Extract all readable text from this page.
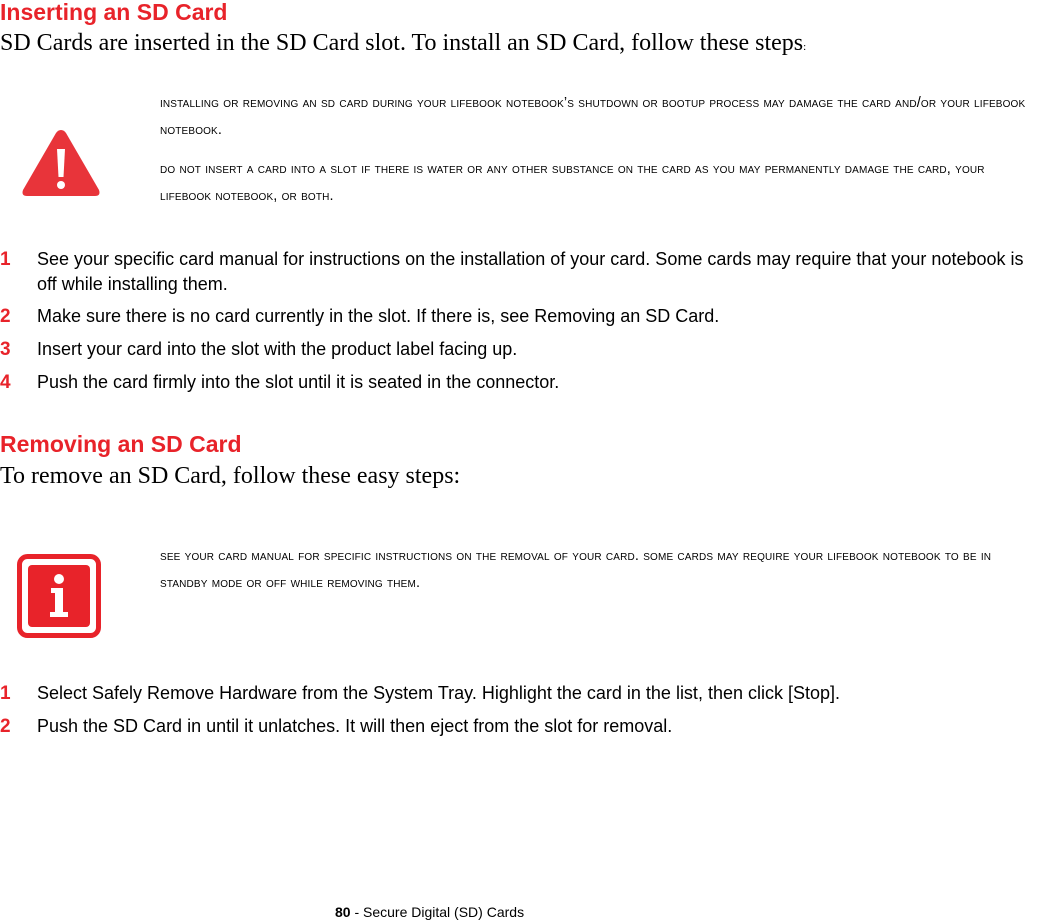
Inserting an SD Card

SD Cards are inserted in the SD Card slot. To install an SD Card, follow these steps:

installing or removing an sd card during your lifebook notebook’s shutdown or bootup process may damage the card and/or your lifebook notebook.

do not insert a card into a slot if there is water or any other substance on the card as you may permanently damage the card, your lifebook notebook, or both.

1 See your specific card manual for instructions on the installation of your card. Some cards may require that your notebook is off while installing them.
2 Make sure there is no card currently in the slot. If there is, see Removing an SD Card.
3 Insert your card into the slot with the product label facing up.
4 Push the card firmly into the slot until it is seated in the connector.
Removing an SD Card

To remove an SD Card, follow these easy steps:

see your card manual for specific instructions on the removal of your card. some cards may require your lifebook notebook to be in standby mode or off while removing them.

1 Select Safely Remove Hardware from the System Tray. Highlight the card in the list, then click [Stop].
2 Push the SD Card in until it unlatches. It will then eject from the slot for removal.
80 - Secure Digital (SD) Cards
